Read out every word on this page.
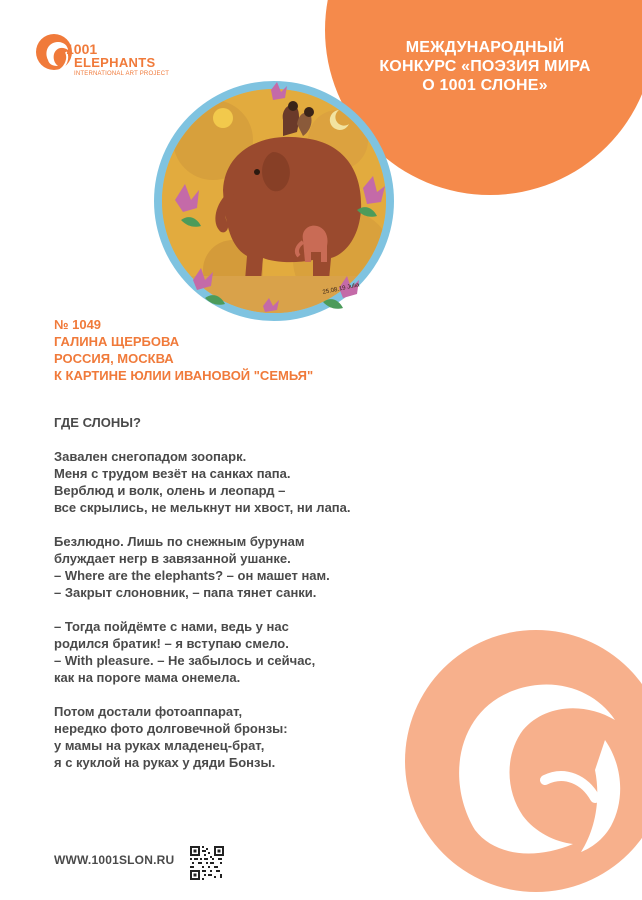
МЕЖДУНАРОДНЫЙ
КОНКУРС «ПОЭЗИЯ МИРА
О 1001 СЛОНЕ»
1001
ELEPHANTS
INTERNATIONAL ART PROJECT
25.08.19 Julia
№ 1049
ГАЛИНА ЩЕРБОВА
РОССИЯ, МОСКВА
К КАРТИНЕ ЮЛИИ ИВАНОВОЙ "СЕМЬЯ"
ГДЕ СЛОНЫ?
Завален снегопадом зоопарк.
Меня с трудом везёт на санках папа.
Верблюд и волк, олень и леопард –
все скрылись, не мелькнут ни хвост, ни лапа.
Безлюдно. Лишь по снежным бурунам
блуждает негр в завязанной ушанке.
– Where are the elephants? – он машет нам.
– Закрыт слоновник, – папа тянет санки.
– Тогда пойдёмте с нами, ведь у нас
родился братик! – я вступаю смело.
– With pleasure. – Не забылось и сейчас,
как на пороге мама онемела.
Потом достали фотоаппарат,
нередко фото долговечной бронзы:
у мамы на руках младенец-брат,
я с куклой на руках у дяди Бонзы.
WWW.1001SLON.RU
